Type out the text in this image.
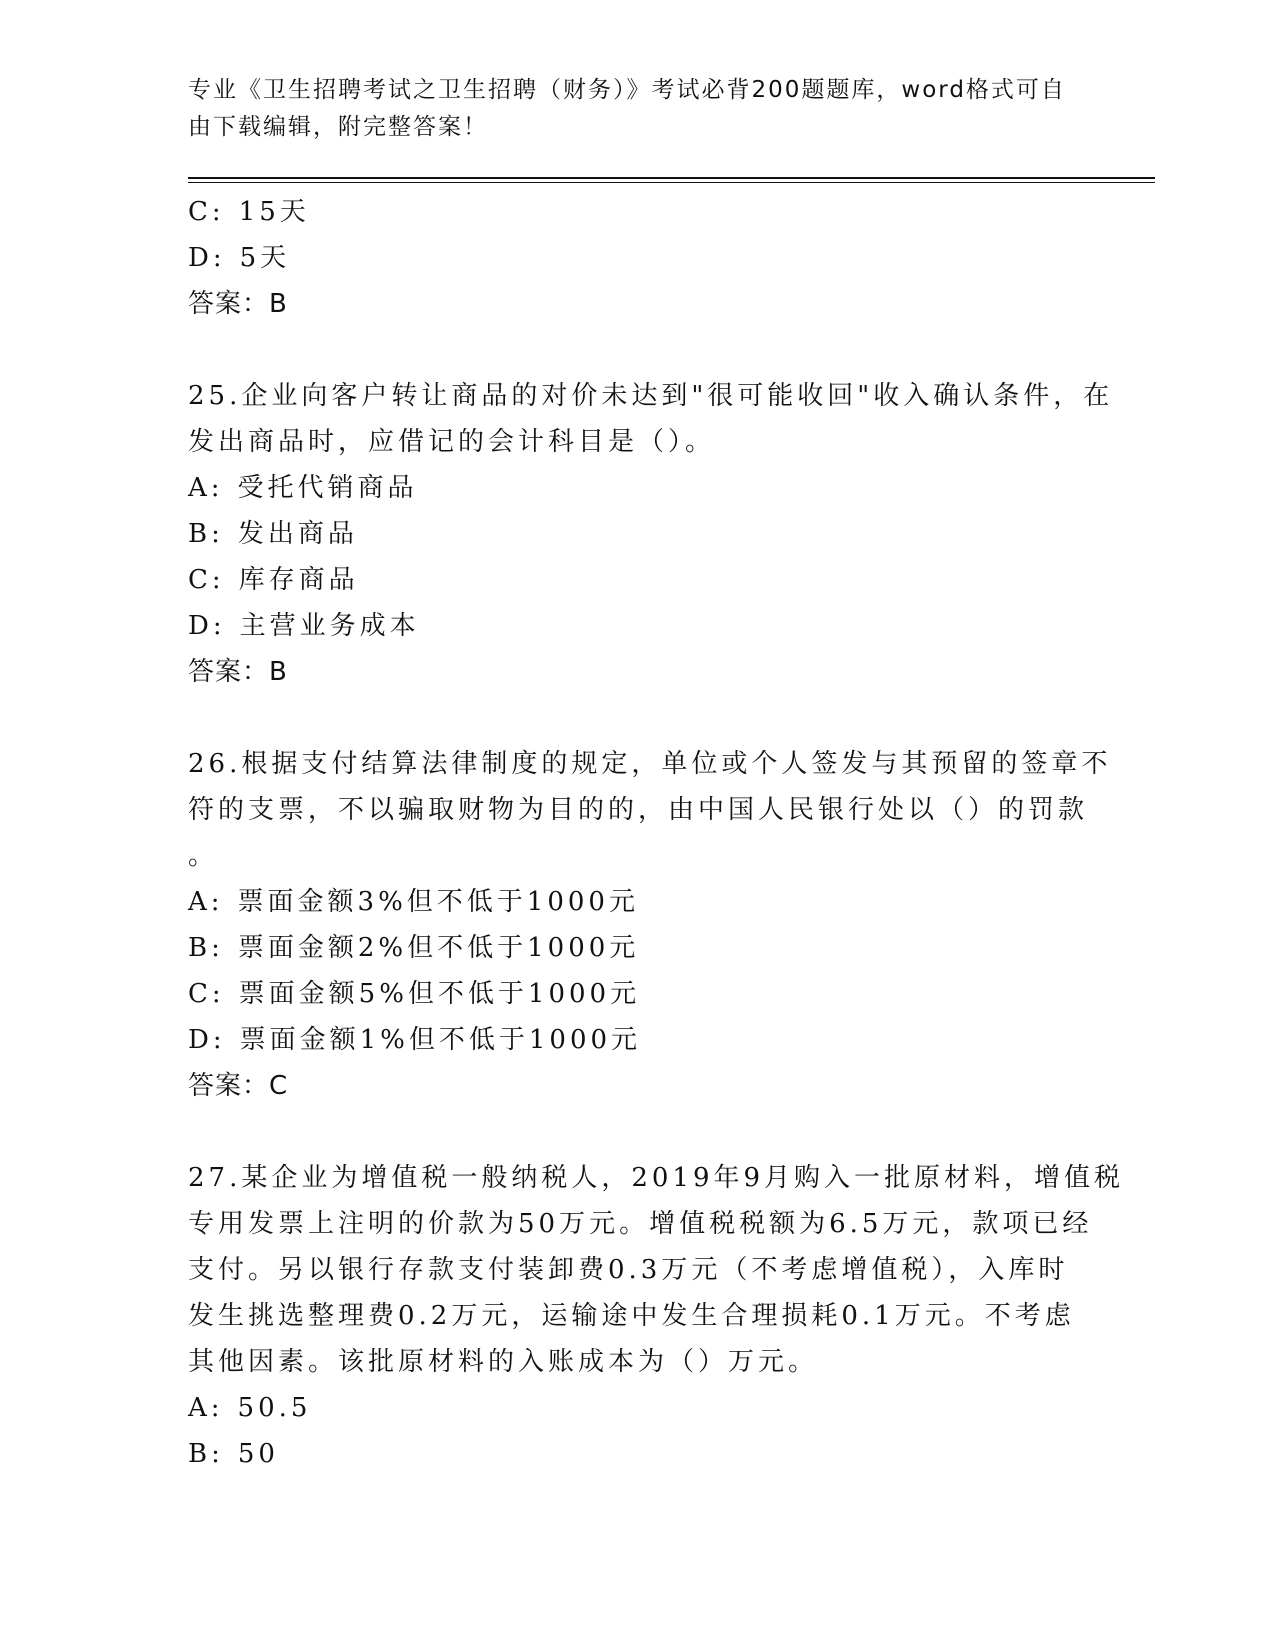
专业《卫生招聘考试之卫生招聘（财务）》考试必背200题题库，word格式可自
由下载编辑，附完整答案！
C: 15天
D: 5天
答案：B
25.企业向客户转让商品的对价未达到"很可能收回"收入确认条件，在
发出商品时，应借记的会计科目是（）。
A: 受托代销商品
B: 发出商品
C: 库存商品
D: 主营业务成本
答案：B
26.根据支付结算法律制度的规定，单位或个人签发与其预留的签章不
符的支票，不以骗取财物为目的的，由中国人民银行处以（）的罚款
。
A: 票面金额3%但不低于1000元
B: 票面金额2%但不低于1000元
C: 票面金额5%但不低于1000元
D: 票面金额1%但不低于1000元
答案：C
27.某企业为增值税一般纳税人，2019年9月购入一批原材料，增值税
专用发票上注明的价款为50万元。增值税税额为6.5万元，款项已经
支付。另以银行存款支付装卸费0.3万元（不考虑增值税），入库时
发生挑选整理费0.2万元，运输途中发生合理损耗0.1万元。不考虑
其他因素。该批原材料的入账成本为（）万元。
A: 50.5
B: 50
